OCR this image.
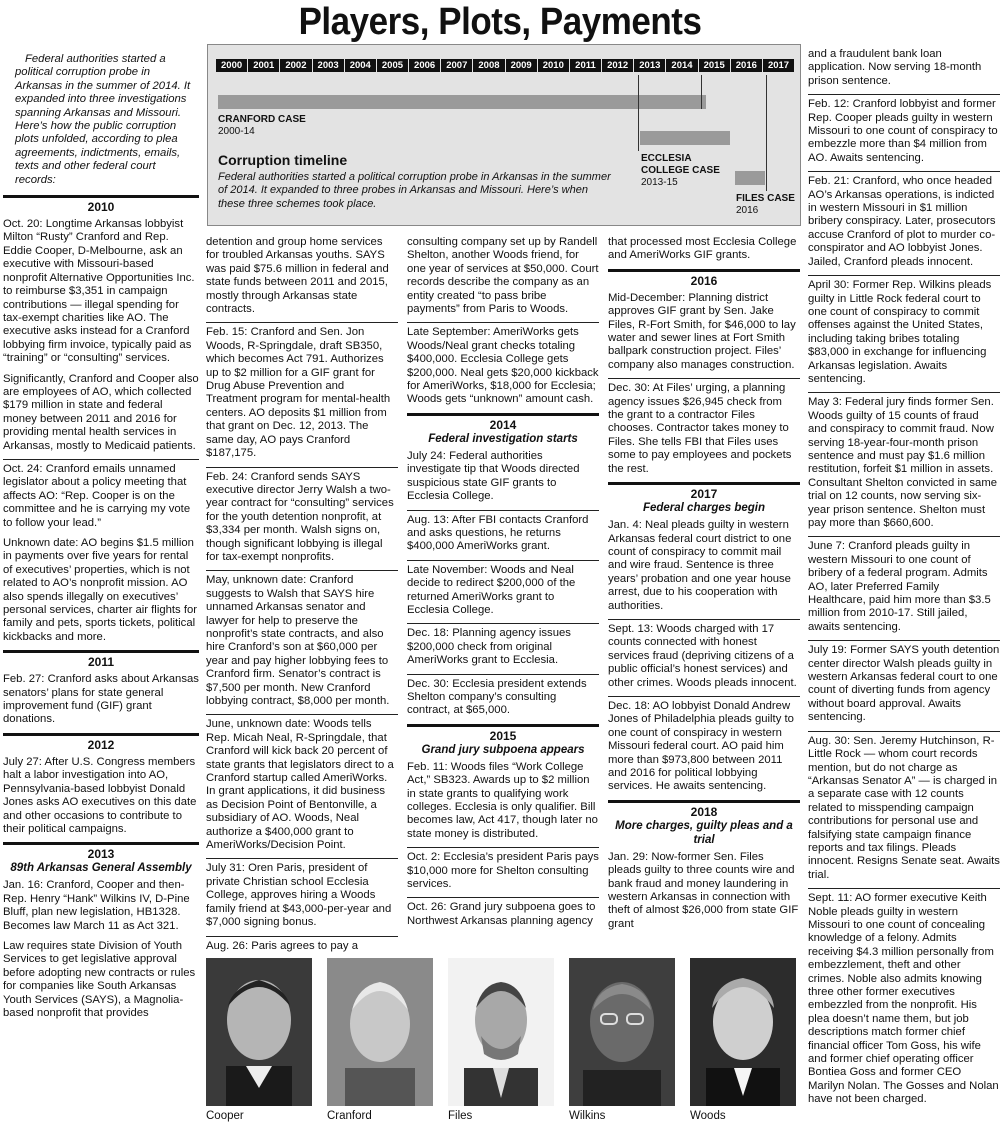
Players, Plots, Payments

Federal authorities started a political corruption probe in Arkansas in the summer of 2014. It expanded into three investigations spanning Arkansas and Missouri. Here’s how the public corruption plots unfolded, according to plea agreements, indictments, emails, texts and other federal court records:

2010

Oct. 20: Longtime Arkansas lobbyist Milton “Rusty” Cranford and Rep. Eddie Cooper, D-Melbourne, ask an executive with Missouri-based nonprofit Alternative Opportunities Inc. to reimburse $3,351 in campaign contributions — illegal spending for tax-exempt charities like AO. The executive asks instead for a Cranford lobbying firm invoice, typically paid as “training” or “consulting” services.

Significantly, Cranford and Cooper also are employees of AO, which collected $179 million in state and federal money between 2011 and 2016 for providing mental health services in Arkansas, mostly to Medicaid patients.

Oct. 24: Cranford emails unnamed legislator about a policy meeting that affects AO: “Rep. Cooper is on the committee and he is carrying my vote to follow your lead.”

Unknown date: AO begins $1.5 million in payments over five years for rental of executives’ properties, which is not related to AO’s nonprofit mission. AO also spends illegally on executives’ personal services, charter air flights for family and pets, sports tickets, political kickbacks and more.

2011

Feb. 27: Cranford asks about Arkansas senators’ plans for state general improvement fund (GIF) grant donations.

2012

July 27: After U.S. Congress members halt a labor investigation into AO, Pennsylvania-based lobbyist Donald Jones asks AO executives on this date and other occasions to contribute to their political campaigns.

2013
89th Arkansas General Assembly

Jan. 16: Cranford, Cooper and then-Rep. Henry “Hank” Wilkins IV, D-Pine Bluff, plan new legislation, HB1328. Becomes law March 11 as Act 321.

Law requires state Division of Youth Services to get legislative approval before adopting new contracts or rules for companies like South Arkansas Youth Services (SAYS), a Magnolia-based nonprofit that provides

2000	2001	2002	2003	2004	2005	2006	2007	2008	2009	2010	2011	2012	2013	2014	2015	2016	2017
CRANFORD CASE
2000-14
ECCLESIA COLLEGE CASE
2013-15
FILES CASE
2016
Corruption timeline
Federal authorities started a political corruption probe in Arkansas in the summer of 2014. It expanded to three probes in Arkansas and Missouri. Here’s when these three schemes took place.

detention and group home services for troubled Arkansas youths. SAYS was paid $75.6 million in federal and state funds between 2011 and 2015, mostly through Arkansas state contracts.

Feb. 15: Cranford and Sen. Jon Woods, R-Springdale, draft SB350, which becomes Act 791. Authorizes up to $2 million for a GIF grant for Drug Abuse Prevention and Treatment program for mental-health centers. AO deposits $1 million from that grant on Dec. 12, 2013. The same day, AO pays Cranford $187,175.

Feb. 24: Cranford sends SAYS executive director Jerry Walsh a two-year contract for “consulting” services for the youth detention nonprofit, at $3,334 per month. Walsh signs on, though significant lobbying is illegal for tax-exempt nonprofits.

May, unknown date: Cranford suggests to Walsh that SAYS hire unnamed Arkansas senator and lawyer for help to preserve the nonprofit’s state contracts, and also hire Cranford’s son at $60,000 per year and pay higher lobbying fees to Cranford firm. Senator’s contract is $7,500 per month. New Cranford lobbying contract, $8,000 per month.

June, unknown date: Woods tells Rep. Micah Neal, R-Springdale, that Cranford will kick back 20 percent of state grants that legislators direct to a Cranford startup called AmeriWorks. In grant applications, it did business as Decision Point of Bentonville, a subsidiary of AO. Woods, Neal authorize a $400,000 grant to AmeriWorks/Decision Point.

July 31: Oren Paris, president of private Christian school Ecclesia College, approves hiring a Woods family friend at $43,000-per-year and $7,000 signing bonus.

Aug. 26: Paris agrees to pay a

consulting company set up by Randell Shelton, another Woods friend, for one year of services at $50,000. Court records describe the company as an entity created “to pass bribe payments” from Paris to Woods.

Late September: AmeriWorks gets Woods/Neal grant checks totaling $400,000. Ecclesia College gets $200,000. Neal gets $20,000 kickback for AmeriWorks, $18,000 for Ecclesia; Woods gets “unknown” amount cash.

2014
Federal investigation starts

July 24: Federal authorities investigate tip that Woods directed suspicious state GIF grants to Ecclesia College.

Aug. 13: After FBI contacts Cranford and asks questions, he returns $400,000 AmeriWorks grant.

Late November: Woods and Neal decide to redirect $200,000 of the returned AmeriWorks grant to Ecclesia College.

Dec. 18: Planning agency issues $200,000 check from original AmeriWorks grant to Ecclesia.

Dec. 30: Ecclesia president extends Shelton company’s consulting contract, at $65,000.

2015
Grand jury subpoena appears

Feb. 11: Woods files “Work College Act,” SB323. Awards up to $2 million in state grants to qualifying work colleges. Ecclesia is only qualifier. Bill becomes law, Act 417, though later no state money is distributed.

Oct. 2: Ecclesia’s president Paris pays $10,000 more for Shelton consulting services.

Oct. 26: Grand jury subpoena goes to Northwest Arkansas planning agency

that processed most Ecclesia College and AmeriWorks GIF grants.

2016

Mid-December: Planning district approves GIF grant by Sen. Jake Files, R-Fort Smith, for $46,000 to lay water and sewer lines at Fort Smith ballpark construction project. Files’ company also manages construction.

Dec. 30: At Files’ urging, a planning agency issues $26,945 check from the grant to a contractor Files chooses. Contractor takes money to Files. She tells FBI that Files uses some to pay employees and pockets the rest.

2017
Federal charges begin

Jan. 4: Neal pleads guilty in western Arkansas federal court district to one count of conspiracy to commit mail and wire fraud. Sentence is three years’ probation and one year house arrest, due to his cooperation with authorities.

Sept. 13: Woods charged with 17 counts connected with honest services fraud (depriving citizens of a public official’s honest services) and other crimes. Woods pleads innocent.

Dec. 18: AO lobbyist Donald Andrew Jones of Philadelphia pleads guilty to one count of conspiracy in western Missouri federal court. AO paid him more than $973,800 between 2011 and 2016 for political lobbying services. He awaits sentencing.

2018
More charges, guilty pleas and a trial

Jan. 29: Now-former Sen. Files pleads guilty to three counts wire and bank fraud and money laundering in western Arkansas in connection with theft of almost $26,000 from state GIF grant

and a fraudulent bank loan application. Now serving 18-month prison sentence.

Feb. 12: Cranford lobbyist and former Rep. Cooper pleads guilty in western Missouri to one count of conspiracy to embezzle more than $4 million from AO. Awaits sentencing.

Feb. 21: Cranford, who once headed AO’s Arkansas operations, is indicted in western Missouri in $1 million bribery conspiracy. Later, prosecutors accuse Cranford of plot to murder co-conspirator and AO lobbyist Jones. Jailed, Cranford pleads innocent.

April 30: Former Rep. Wilkins pleads guilty in Little Rock federal court to one count of conspiracy to commit offenses against the United States, including taking bribes totaling $83,000 in exchange for influencing Arkansas legislation. Awaits sentencing.

May 3: Federal jury finds former Sen. Woods guilty of 15 counts of fraud and conspiracy to commit fraud. Now serving 18-year-four-month prison sentence and must pay $1.6 million restitution, forfeit $1 million in assets. Consultant Shelton convicted in same trial on 12 counts, now serving six-year prison sentence. Shelton must pay more than $660,600.

June 7: Cranford pleads guilty in western Missouri to one count of bribery of a federal program. Admits AO, later Preferred Family Healthcare, paid him more than $3.5 million from 2010-17. Still jailed, awaits sentencing.

July 19: Former SAYS youth detention center director Walsh pleads guilty in western Arkansas federal court to one count of diverting funds from agency without board approval. Awaits sentencing.

Aug. 30: Sen. Jeremy Hutchinson, R-Little Rock — whom court records mention, but do not charge as “Arkansas Senator A” — is charged in a separate case with 12 counts related to misspending campaign contributions for personal use and falsifying state campaign finance reports and tax filings. Pleads innocent. Resigns Senate seat. Awaits trial.

Sept. 11: AO former executive Keith Noble pleads guilty in western Missouri to one count of concealing knowledge of a felony. Admits receiving $4.3 million personally from embezzlement, theft and other crimes. Noble also admits knowing three other former executives embezzled from the nonprofit. His plea doesn’t name them, but job descriptions match former chief financial officer Tom Goss, his wife and former chief operating officer Bontiea Goss and former CEO Marilyn Nolan. The Gosses and Nolan have not been charged.

Cooper	Cranford	Files	Wilkins	Woods
